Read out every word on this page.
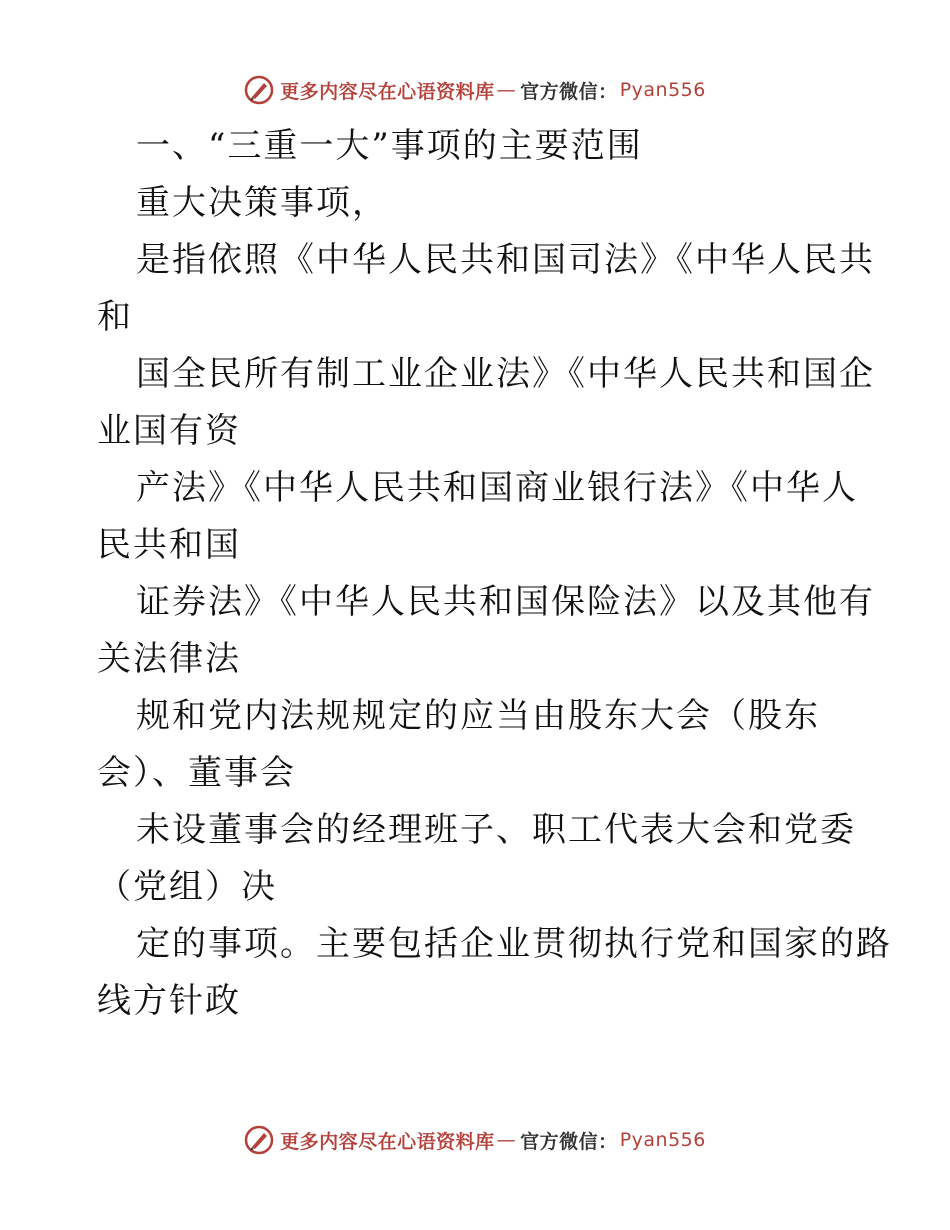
更多内容尽在心语资料库 — 官方微信： Pyan556
一、“三重一大”事项的主要范围
重大决策事项，
是指依照《中华人民共和国司法》《中华人民共
和
国全民所有制工业企业法》《中华人民共和国企
业国有资
产法》《中华人民共和国商业银行法》《中华人
民共和国
证券法》《中华人民共和国保险法》以及其他有
关法律法
规和党内法规规定的应当由股东大会（股东
会）、董事会
未设董事会的经理班子、职工代表大会和党委
（党组）决
定的事项。主要包括企业贯彻执行党和国家的路
线方针政
更多内容尽在心语资料库 — 官方微信： Pyan556
